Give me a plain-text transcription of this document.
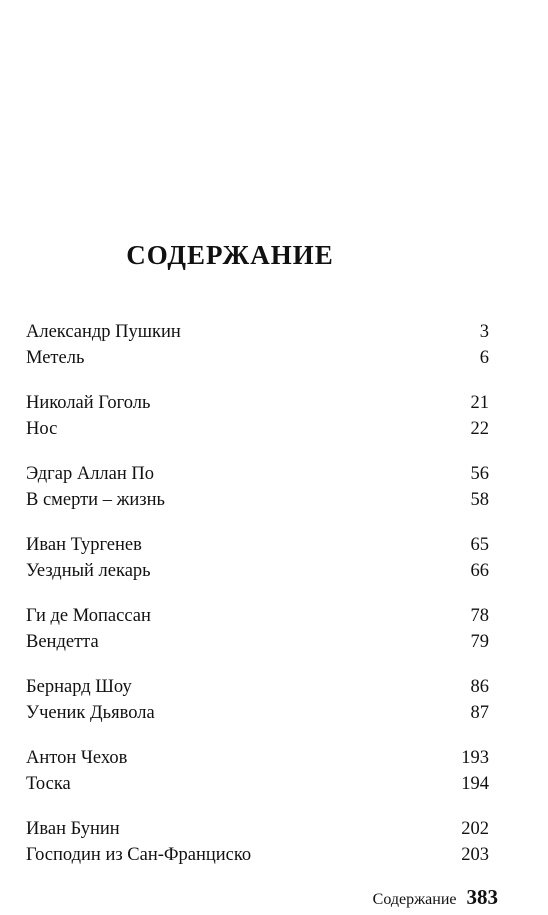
СОДЕРЖАНИЕ
Александр Пушкин	3
Метель	6
Николай Гоголь	21
Нос	22
Эдгар Аллан По	56
В смерти – жизнь	58
Иван Тургенев	65
Уездный лекарь	66
Ги де Мопассан	78
Вендетта	79
Бернард Шоу	86
Ученик Дьявола	87
Антон Чехов	193
Тоска	194
Иван Бунин	202
Господин из Сан-Франциско	203
Содержание 383
